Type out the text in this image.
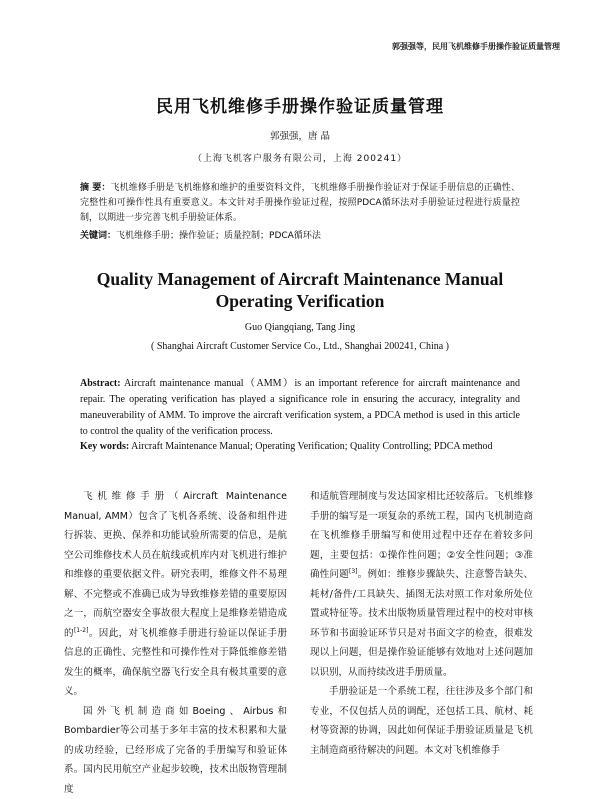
郭强强等，民用飞机维修手册操作验证质量管理
民用飞机维修手册操作验证质量管理
郭强强，唐 晶
（上海飞机客户服务有限公司，上海 200241）
摘 要：飞机维修手册是飞机维修和维护的重要资料文件，飞机维修手册操作验证对于保证手册信息的正确性、完整性和可操作性具有重要意义。本文针对手册操作验证过程，按照PDCA循环法对手册验证过程进行质量控制，以期进一步完善飞机手册验证体系。
关键词：飞机维修手册；操作验证；质量控制；PDCA循环法
Quality Management of Aircraft Maintenance Manual Operating Verification
Guo Qiangqiang, Tang Jing
( Shanghai Aircraft Customer Service Co., Ltd., Shanghai 200241, China )
Abstract: Aircraft maintenance manual（AMM）is an important reference for aircraft maintenance and repair. The operating verification has played a significance role in ensuring the accuracy, integrality and maneuverability of AMM. To improve the aircraft verification system, a PDCA method is used in this article to control the quality of the verification process.
Key words: Aircraft Maintenance Manual; Operating Verification; Quality Controlling; PDCA method

飞机维修手册（Aircraft Maintenance Manual, AMM）包含了飞机各系统、设备和组件进行拆装、更换、保养和功能试验所需要的信息，是航空公司维修技术人员在航线或机库内对飞机进行维护和维修的重要依据文件。研究表明，维修文件不易理解、不完整或不准确已成为导致维修差错的重要原因之一，而航空器安全事故很大程度上是维修差错造成的[1-2]。因此，对飞机维修手册进行验证以保证手册信息的正确性、完整性和可操作性对于降低维修差错发生的概率，确保航空器飞行安全具有极其重要的意义。

国外飞机制造商如Boeing、Airbus和Bombardier等公司基于多年丰富的技术积累和大量的成功经验，已经形成了完备的手册编写和验证体系。国内民用航空产业起步较晚，技术出版物管理制度

和适航管理制度与发达国家相比还较落后。飞机维修手册的编写是一项复杂的系统工程，国内飞机制造商在飞机维修手册编写和使用过程中还存在着较多问题，主要包括：①操作性问题；②安全性问题；③准确性问题[3]。例如：维修步骤缺失、注意警告缺失、耗材/备件/工具缺失、插图无法对照工作对象所处位置或特征等。技术出版物质量管理过程中的校对审核环节和书面验证环节只是对书面文字的检查，很难发现以上问题，但是操作验证能够有效地对上述问题加以识别，从而持续改进手册质量。

手册验证是一个系统工程，往往涉及多个部门和专业，不仅包括人员的调配，还包括工具、航材、耗材等资源的协调，因此如何保证手册验证质量是飞机主制造商亟待解决的问题。本文对飞机维修手
